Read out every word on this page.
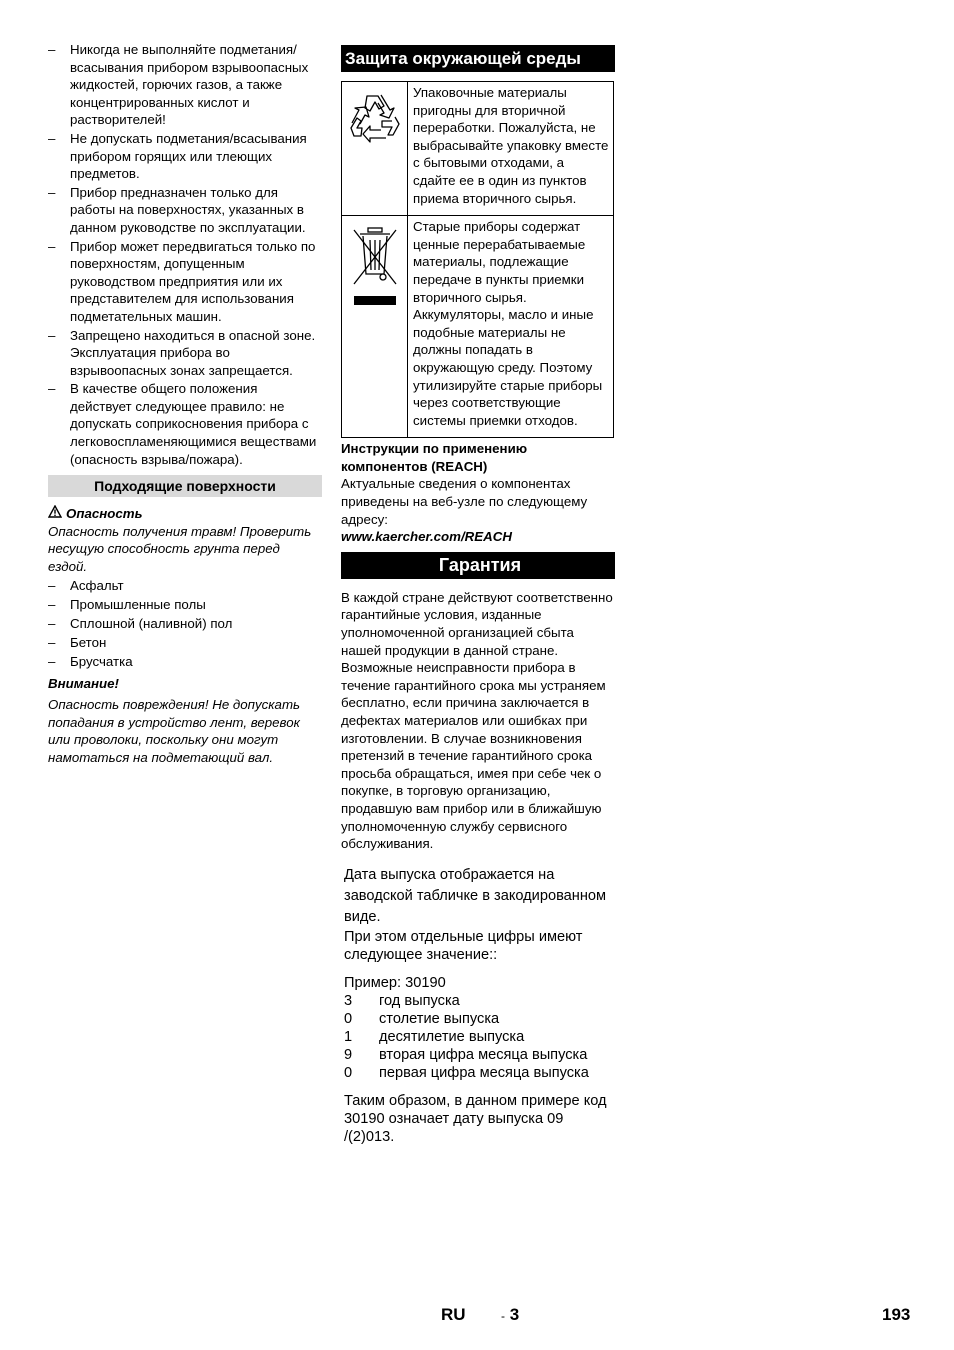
– Никогда не выполняйте подметания/ всасывания прибором взрывоопасных жидкостей, горючих газов, а также концентрированных кислот и растворителей!
– Не допускать подметания/всасывания прибором горящих или тлеющих предметов.
– Прибор предназначен только для работы на поверхностях, указанных в данном руководстве по эксплуатации.
– Прибор может передвигаться только по поверхностям, допущенным руководством предприятия или их представителем для использования подметательных машин.
– Запрещено находиться в опасной зоне. Эксплуатация прибора во взрывоопасных зонах запрещается.
– В качестве общего положения действует следующее правило: не допускать соприкосновения прибора с легковоспламеняющимися веществами (опасность взрыва/пожара).
Подходящие поверхности
Опасность
Опасность получения травм! Проверить несущую способность грунта перед ездой.
– Асфальт
– Промышленные полы
– Сплошной (наливной) пол
– Бетон
– Брусчатка
Внимание!
Опасность повреждения! Не допускать попадания в устройство лент, веревок или проволоки, поскольку они могут намотаться на подметающий вал.
Защита окружающей среды
	Упаковочные материалы пригодны для вторичной переработки. Пожалуйста, не выбрасывайте упаковку вместе с бытовыми отходами, а сдайте ее в один из пунктов приема вторичного сырья.
	Старые приборы содержат ценные перерабатываемые материалы, подлежащие передаче в пункты приемки вторичного сырья. Аккумуляторы, масло и иные подобные материалы не должны попадать в окружающую среду. Поэтому утилизируйте старые приборы через соответствующие системы приемки отходов.
Инструкции по применению компонентов (REACH)
Актуальные сведения о компонентах приведены на веб-узле по следующему адресу:
www.kaercher.com/REACH
Гарантия
В каждой стране действуют соответственно гарантийные условия, изданные уполномоченной организацией сбыта нашей продукции в данной стране. Возможные неисправности прибора в течение гарантийного срока мы устраняем бесплатно, если причина заключается в дефектах материалов или ошибках при изготовлении. В случае возникновения претензий в течение гарантийного срока просьба обращаться, имея при себе чек о покупке, в торговую организацию, продавшую вам прибор или в ближайшую уполномоченную службу сервисного обслуживания.
Дата выпуска отображается на заводской табличке в закодированном виде.
При этом отдельные цифры имеют следующее значение::
Пример: 30190
3	год выпуска
0	столетие выпуска
1	десятилетие выпуска
9	вторая цифра месяца выпуска
0	первая цифра месяца выпуска
Таким образом, в данном примере код 30190 означает дату выпуска 09 /(2)013.
RU	- 3	193
